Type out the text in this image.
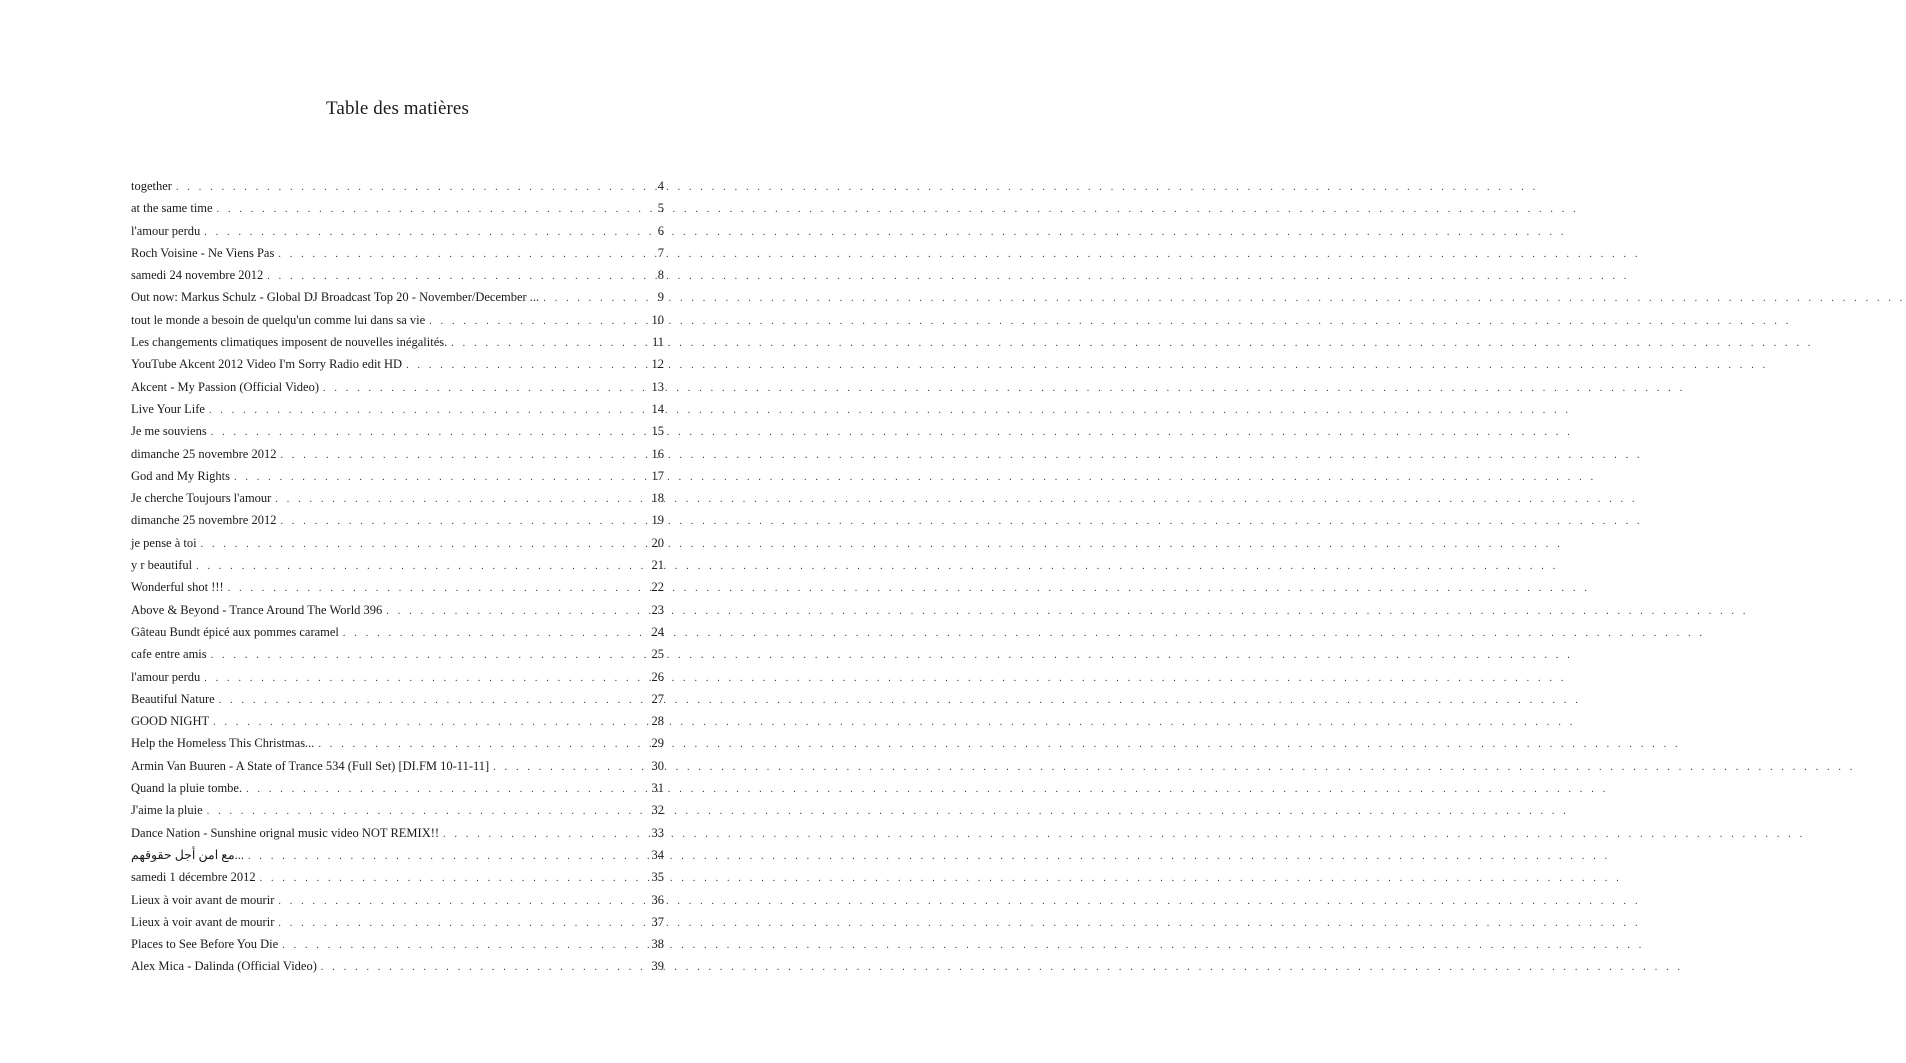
Table des matières
together . . .	4
at the same time . . .	5
l'amour perdu . . .	6
Roch Voisine - Ne Viens Pas . . .	7
samedi 24 novembre 2012 . . .	8
Out now: Markus Schulz - Global DJ Broadcast Top 20 - November/December ... . . .	9
tout le monde a besoin de quelqu'un comme lui dans sa vie . . .	10
Les changements climatiques imposent de nouvelles inégalités. . . .	11
YouTube Akcent 2012 Video I'm Sorry Radio edit HD . . .	12
Akcent - My Passion (Official Video) . . .	13
Live Your Life . . .	14
Je me souviens . . .	15
dimanche 25 novembre 2012 . . .	16
God and My Rights . . .	17
Je cherche Toujours l'amour . . .	18
dimanche 25 novembre 2012 . . .	19
je pense à toi . . .	20
y r beautiful . . .	21
Wonderful shot !!! . . .	22
Above & Beyond - Trance Around The World 396 . . .	23
Gâteau Bundt épicé aux pommes caramel . . .	24
cafe entre amis . . .	25
l'amour perdu . . .	26
Beautiful Nature . . .	27
GOOD NIGHT . . .	28
Help the Homeless This Christmas... . . .	29
Armin Van Buuren - A State of Trance 534 (Full Set) [DI.FM 10-11-11] . . .	30
Quand la pluie tombe. . . .	31
J'aime la pluie . . .	32
Dance Nation - Sunshine orignal music video NOT REMIX!! . . .	33
...مع امن أجل حقوقهم . . .	34
samedi 1 décembre 2012 . . .	35
Lieux à voir avant de mourir . . .	36
Lieux à voir avant de mourir . . .	37
Places to See Before You Die . . .	38
Alex Mica - Dalinda (Official Video) . . .	39
